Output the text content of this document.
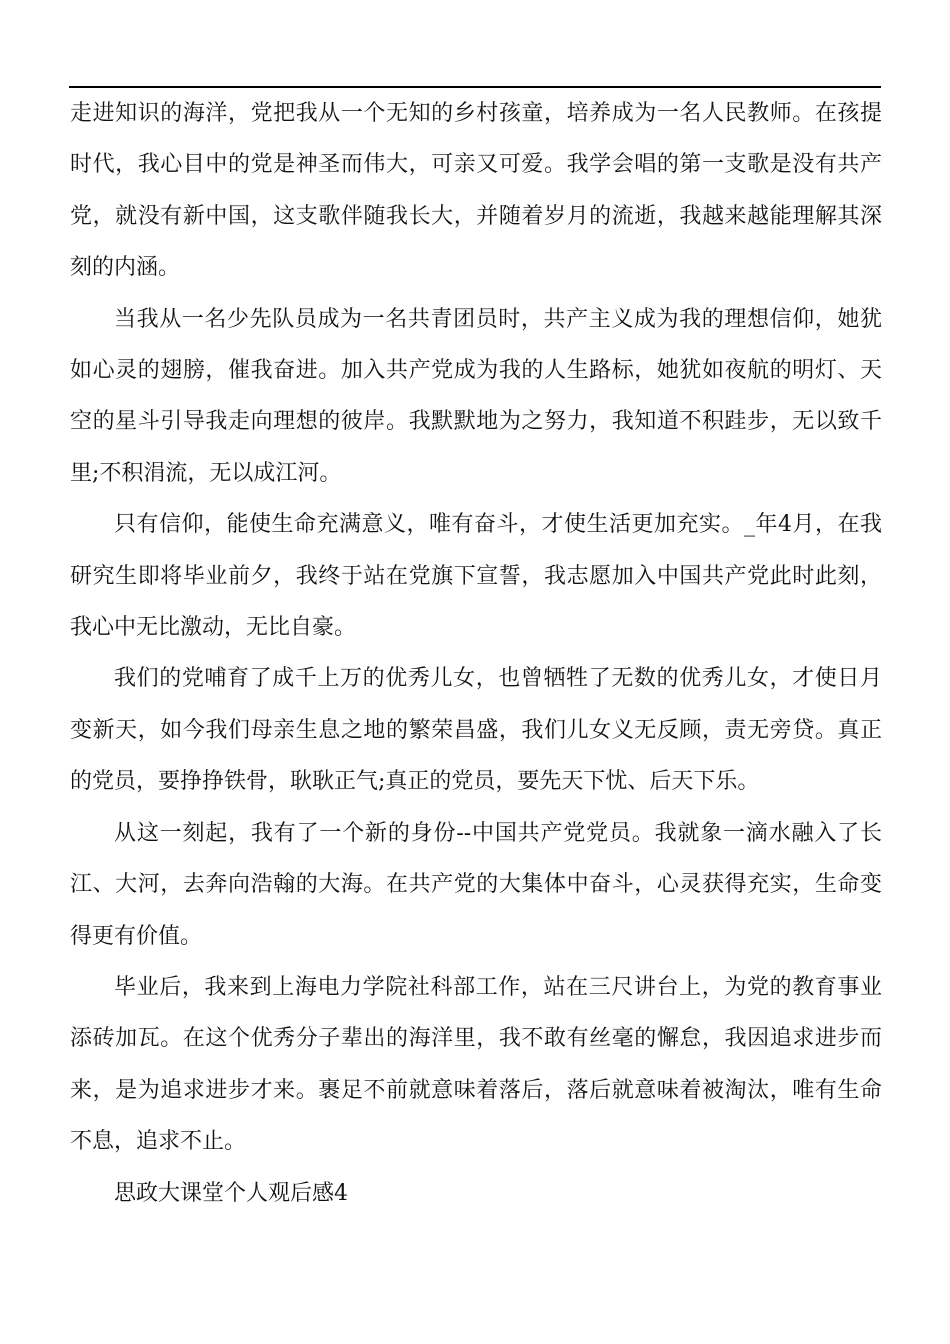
走进知识的海洋，党把我从一个无知的乡村孩童，培养成为一名人民教师。在孩提时代，我心目中的党是神圣而伟大，可亲又可爱。我学会唱的第一支歌是没有共产党，就没有新中国，这支歌伴随我长大，并随着岁月的流逝，我越来越能理解其深刻的内涵。

当我从一名少先队员成为一名共青团员时，共产主义成为我的理想信仰，她犹如心灵的翅膀，催我奋进。加入共产党成为我的人生路标，她犹如夜航的明灯、天空的星斗引导我走向理想的彼岸。我默默地为之努力，我知道不积跬步，无以致千里;不积涓流，无以成江河。

只有信仰，能使生命充满意义，唯有奋斗，才使生活更加充实。_年4月，在我研究生即将毕业前夕，我终于站在党旗下宣誓，我志愿加入中国共产党此时此刻，我心中无比激动，无比自豪。

我们的党哺育了成千上万的优秀儿女，也曾牺牲了无数的优秀儿女，才使日月变新天，如今我们母亲生息之地的繁荣昌盛，我们儿女义无反顾，责无旁贷。真正的党员，要挣挣铁骨，耿耿正气;真正的党员，要先天下忧、后天下乐。

从这一刻起，我有了一个新的身份--中国共产党党员。我就象一滴水融入了长江、大河，去奔向浩翰的大海。在共产党的大集体中奋斗，心灵获得充实，生命变得更有价值。

毕业后，我来到上海电力学院社科部工作，站在三尺讲台上，为党的教育事业添砖加瓦。在这个优秀分子辈出的海洋里，我不敢有丝毫的懈怠，我因追求进步而来，是为追求进步才来。裹足不前就意味着落后，落后就意味着被淘汰，唯有生命不息，追求不止。

思政大课堂个人观后感4
